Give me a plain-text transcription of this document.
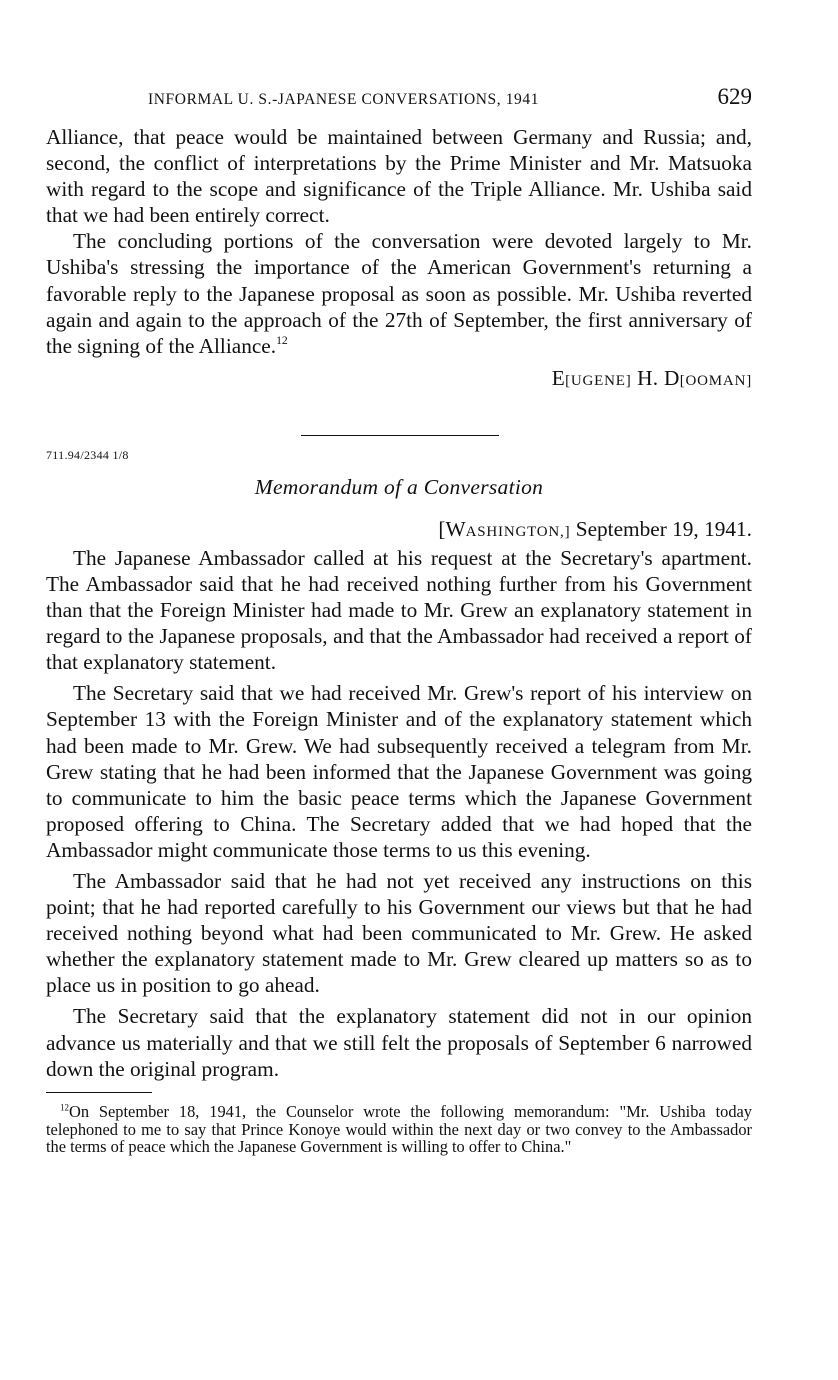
INFORMAL U. S.-JAPANESE CONVERSATIONS, 1941	629

Alliance, that peace would be maintained between Germany and Russia; and, second, the conflict of interpretations by the Prime Minister and Mr. Matsuoka with regard to the scope and significance of the Triple Alliance. Mr. Ushiba said that we had been entirely correct.

The concluding portions of the conversation were devoted largely to Mr. Ushiba's stressing the importance of the American Government's returning a favorable reply to the Japanese proposal as soon as possible. Mr. Ushiba reverted again and again to the approach of the 27th of September, the first anniversary of the signing of the Alliance.$^{12}$

E[UGENE] H. D[OOMAN]
711.94/2344 1/8
Memorandum of a Conversation
[WASHINGTON,] September 19, 1941.

The Japanese Ambassador called at his request at the Secretary's apartment. The Ambassador said that he had received nothing further from his Government than that the Foreign Minister had made to Mr. Grew an explanatory statement in regard to the Japanese proposals, and that the Ambassador had received a report of that explanatory statement.

The Secretary said that we had received Mr. Grew's report of his interview on September 13 with the Foreign Minister and of the explanatory statement which had been made to Mr. Grew. We had subsequently received a telegram from Mr. Grew stating that he had been informed that the Japanese Government was going to communicate to him the basic peace terms which the Japanese Government proposed offering to China. The Secretary added that we had hoped that the Ambassador might communicate those terms to us this evening.

The Ambassador said that he had not yet received any instructions on this point; that he had reported carefully to his Government our views but that he had received nothing beyond what had been communicated to Mr. Grew. He asked whether the explanatory statement made to Mr. Grew cleared up matters so as to place us in position to go ahead.

The Secretary said that the explanatory statement did not in our opinion advance us materially and that we still felt the proposals of September 6 narrowed down the original program.

$^{12}$On September 18, 1941, the Counselor wrote the following memorandum: "Mr. Ushiba today telephoned to me to say that Prince Konoye would within the next day or two convey to the Ambassador the terms of peace which the Japanese Government is willing to offer to China."
